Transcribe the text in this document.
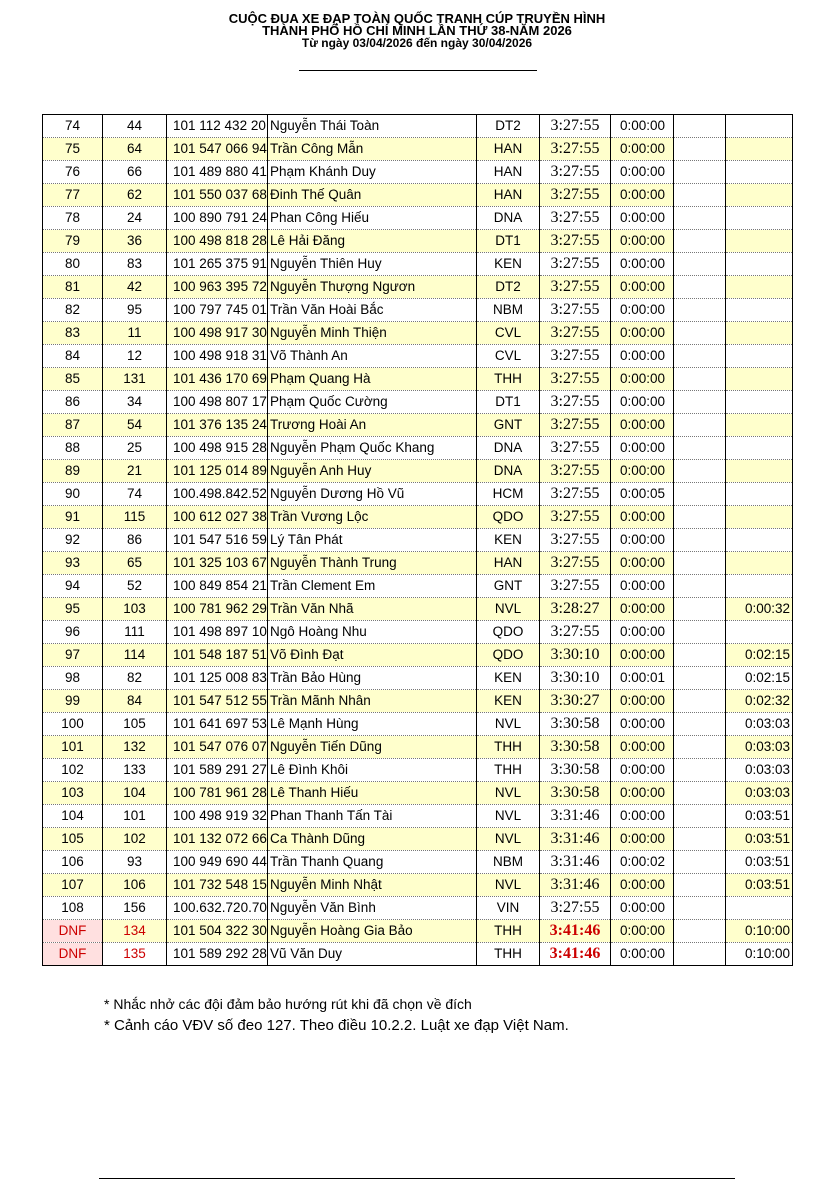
CUỘC ĐUA XE ĐẠP TOÀN QUỐC TRANH CÚP TRUYỀN HÌNH
THÀNH PHỐ HỒ CHÍ MINH LẦN THỨ 38-NĂM 2026
Từ ngày 03/04/2026 đến ngày 30/04/2026
74	44	101 112 432 20	Nguyễn Thái Toàn	DT2	3:27:55	0:00:00		
75	64	101 547 066 94	Trần Công Mẫn	HAN	3:27:55	0:00:00		
76	66	101 489 880 41	Phạm Khánh Duy	HAN	3:27:55	0:00:00		
77	62	101 550 037 68	Đinh Thế Quân	HAN	3:27:55	0:00:00		
78	24	100 890 791 24	Phan Công Hiếu	DNA	3:27:55	0:00:00		
79	36	100 498 818 28	Lê Hải Đăng	DT1	3:27:55	0:00:00		
80	83	101 265 375 91	Nguyễn Thiên Huy	KEN	3:27:55	0:00:00		
81	42	100 963 395 72	Nguyễn Thượng Ngươn	DT2	3:27:55	0:00:00		
82	95	100 797 745 01	Trần Văn Hoài Bắc	NBM	3:27:55	0:00:00		
83	11	100 498 917 30	Nguyễn Minh Thiện	CVL	3:27:55	0:00:00		
84	12	100 498 918 31	Võ Thành An	CVL	3:27:55	0:00:00		
85	131	101 436 170 69	Phạm Quang Hà	THH	3:27:55	0:00:00		
86	34	100 498 807 17	Phạm Quốc Cường	DT1	3:27:55	0:00:00		
87	54	101 376 135 24	Trương Hoài An	GNT	3:27:55	0:00:00		
88	25	100 498 915 28	Nguyễn Phạm Quốc Khang	DNA	3:27:55	0:00:00		
89	21	101 125 014 89	Nguyễn Anh Huy	DNA	3:27:55	0:00:00		
90	74	100.498.842.52	Nguyễn Dương Hồ Vũ	HCM	3:27:55	0:00:05		
91	115	100 612 027 38	Trần Vương Lộc	QDO	3:27:55	0:00:00		
92	86	101 547 516 59	Lý Tân Phát	KEN	3:27:55	0:00:00		
93	65	101 325 103 67	Nguyễn Thành Trung	HAN	3:27:55	0:00:00		
94	52	100 849 854 21	Trần Clement Em	GNT	3:27:55	0:00:00		
95	103	100 781 962 29	Trần Văn Nhã	NVL	3:28:27	0:00:00		0:00:32
96	111	101 498 897 10	Ngô Hoàng Nhu	QDO	3:27:55	0:00:00		
97	114	101 548 187 51	Võ Đình Đạt	QDO	3:30:10	0:00:00		0:02:15
98	82	101 125 008 83	Trần Bảo Hùng	KEN	3:30:10	0:00:01		0:02:15
99	84	101 547 512 55	Trần Mãnh Nhân	KEN	3:30:27	0:00:00		0:02:32
100	105	101 641 697 53	Lê Mạnh Hùng	NVL	3:30:58	0:00:00		0:03:03
101	132	101 547 076 07	Nguyễn Tiến Dũng	THH	3:30:58	0:00:00		0:03:03
102	133	101 589 291 27	Lê Đình Khôi	THH	3:30:58	0:00:00		0:03:03
103	104	100 781 961 28	Lê Thanh Hiếu	NVL	3:30:58	0:00:00		0:03:03
104	101	100 498 919 32	Phan Thanh Tấn Tài	NVL	3:31:46	0:00:00		0:03:51
105	102	101 132 072 66	Ca Thành Dũng	NVL	3:31:46	0:00:00		0:03:51
106	93	100 949 690 44	Trần Thanh Quang	NBM	3:31:46	0:00:02		0:03:51
107	106	101 732 548 15	Nguyễn Minh Nhật	NVL	3:31:46	0:00:00		0:03:51
108	156	100.632.720.70	Nguyễn Văn Bình	VIN	3:27:55	0:00:00		
DNF	134	101 504 322 30	Nguyễn Hoàng Gia Bảo	THH	3:41:46	0:00:00		0:10:00
DNF	135	101 589 292 28	Vũ Văn Duy	THH	3:41:46	0:00:00		0:10:00
* Nhắc nhở các đội đảm bảo hướng rút khi đã chọn về đích
* Cảnh cáo VĐV số đeo 127. Theo điều 10.2.2. Luật xe đạp Việt Nam.
